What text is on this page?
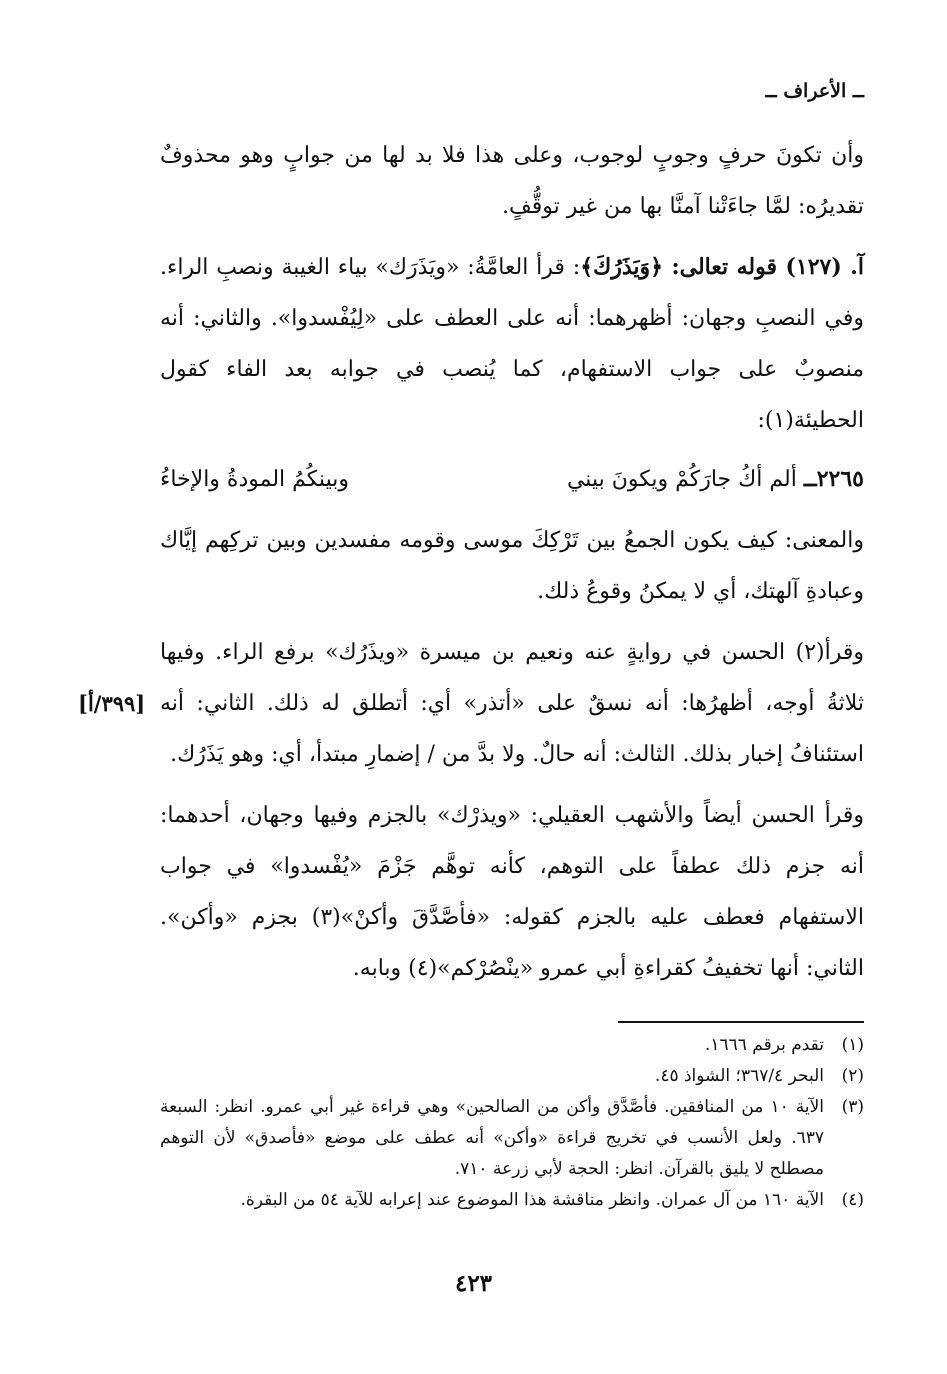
ــ الأعراف ــ

وأن تكونَ حرفٍ وجوبٍ لوجوب، وعلى هذا فلا بد لها من جوابٍ وهو محذوفٌ تقديرُه: لمَّا جاءَتْنا آمنَّا بها من غير توقُّفٍ.

آ. (١٢٧) قوله تعالى: ﴿وَيَذَرُكَ﴾: قرأ العامَّةُ: «ويَذَرَك» بياء الغيبة ونصبِ الراء. وفي النصبِ وجهان: أظهرهما: أنه على العطف على «لِيُفْسدوا». والثاني: أنه منصوبٌ على جواب الاستفهام، كما يُنصب في جوابه بعد الفاء كقول الحطيئة(١):

٢٢٦٥ــ ألم أكُ جارَكُمْ ويكونَ بيني
وبينكُمُ المودةُ والإخاءُ

والمعنى: كيف يكون الجمعُ بين تَرْكِكَ موسى وقومه مفسدين وبين تركِهم إيَّاك وعبادةِ آلهتك، أي لا يمكنُ وقوعُ ذلك.

وقرأ(٢) الحسن في روايةٍ عنه ونعيم بن ميسرة «ويذَرُك» برفع الراء. وفيها ثلاثةُ أوجه، أظهرُها: أنه نسقٌ على «أتذر» أي: أتطلق له ذلك. الثاني: أنه استئنافُ إخبار بذلك. الثالث: أنه حالٌ. ولا بدَّ من / إضمارِ مبتدأ، أي: وهو يَذَرُك.

وقرأ الحسن أيضاً والأشهب العقيلي: «ويذرْك» بالجزم وفيها وجهان، أحدهما: أنه جزم ذلك عطفاً على التوهم، كأنه توهَّم جَزْمَ «يُفْسدوا» في جواب الاستفهام فعطف عليه بالجزم كقوله: «فأصَّدَّقَ وأكنْ»(٣) بجزم «وأكن». الثاني: أنها تخفيفُ كقراءةِ أبي عمرو «ينْصُرْكم»(٤) وبابه.

[٣٩٩/أ]
(١)
تقدم برقم ١٦٦٦.
(٢)
البحر ٣٦٧/٤؛ الشواذ ٤٥.
(٣)
الآية ١٠ من المنافقين. فأصَّدَّق وأكن من الصالحين» وهي قراءة غير أبي عمرو. انظر: السبعة ٦٣٧. ولعل الأنسب في تخريج قراءة «وأكن» أنه عطف على موضع «فأصدق» لأن التوهم مصطلح لا يليق بالقرآن. انظر: الحجة لأبي زرعة ٧١٠.
(٤)
الآية ١٦٠ من آل عمران. وانظر مناقشة هذا الموضوع عند إعرابه للآية ٥٤ من البقرة.
٤٢٣
